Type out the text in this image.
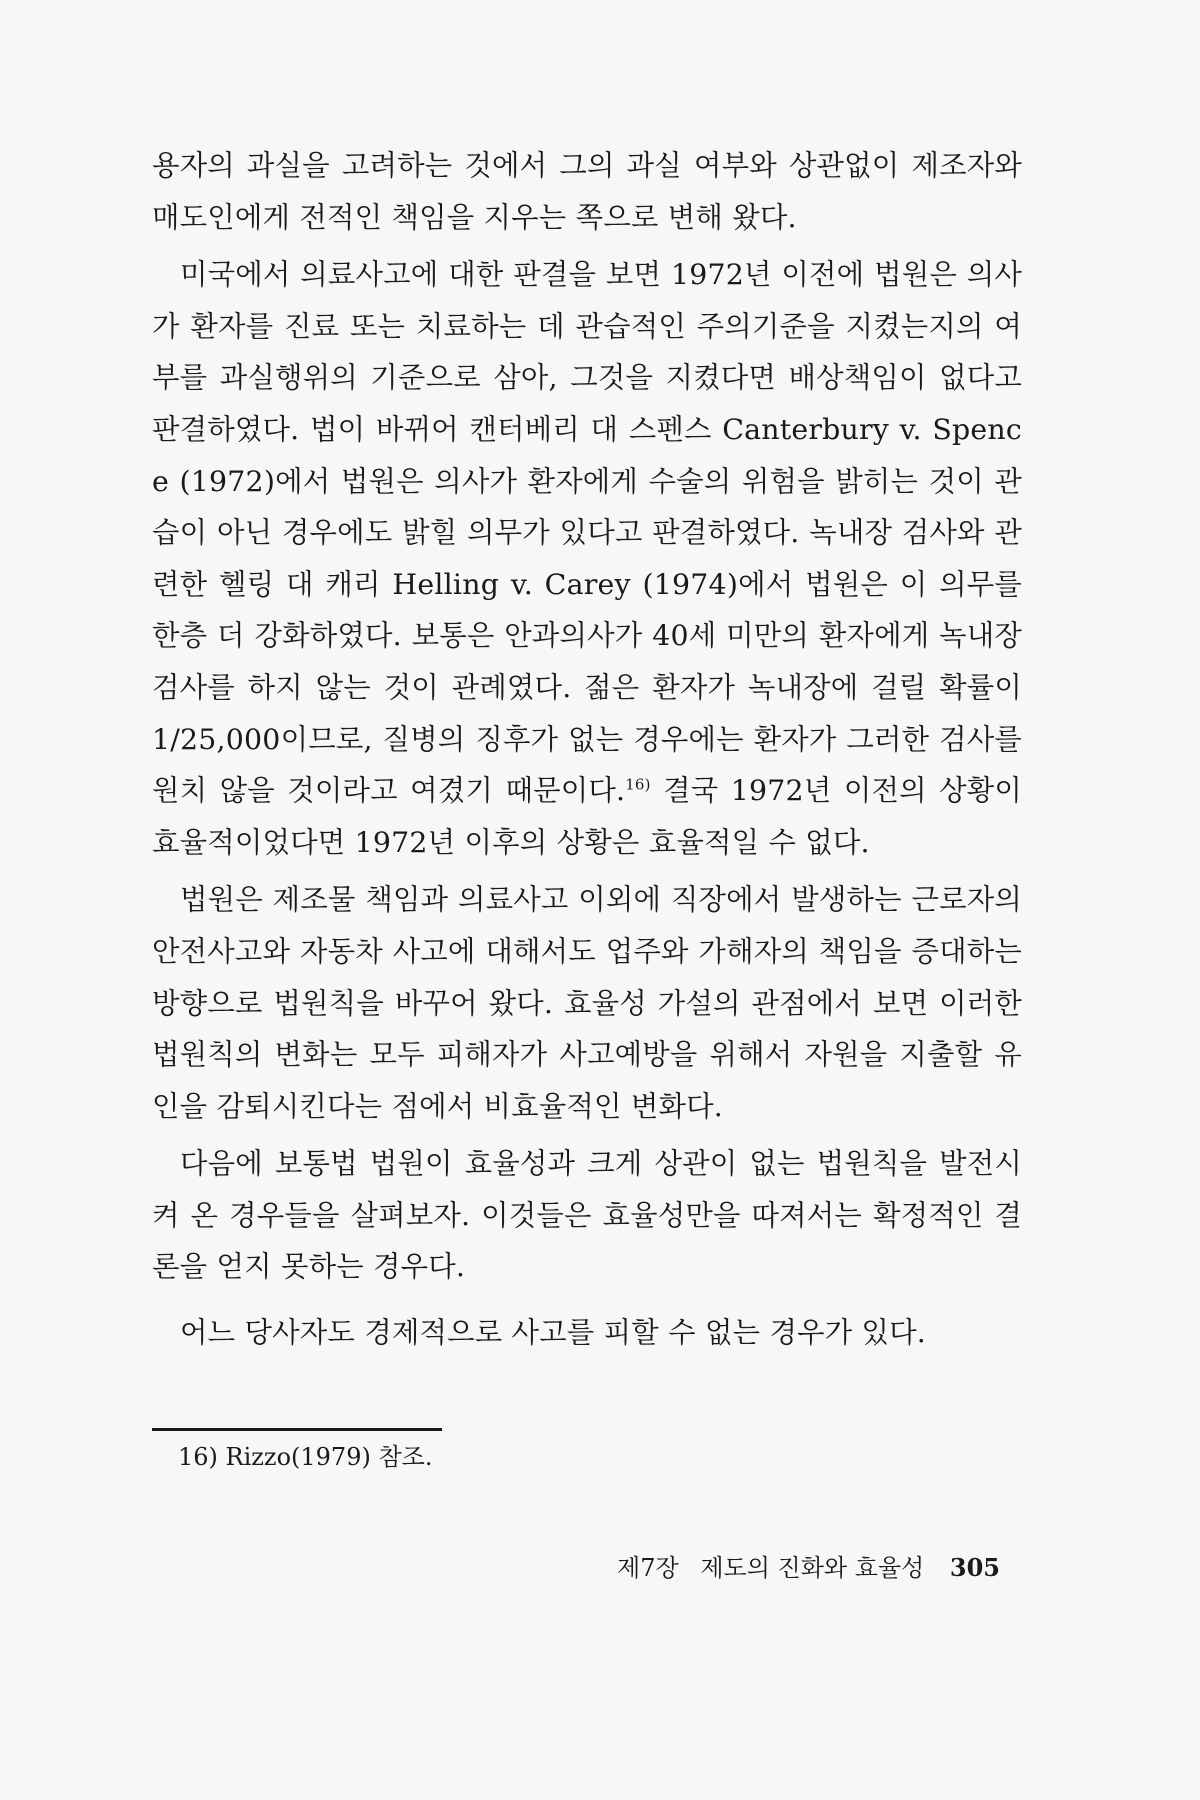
용자의 과실을 고려하는 것에서 그의 과실 여부와 상관없이 제조자와 매도인에게 전적인 책임을 지우는 쪽으로 변해 왔다.

미국에서 의료사고에 대한 판결을 보면 1972년 이전에 법원은 의사가 환자를 진료 또는 치료하는 데 관습적인 주의기준을 지켰는지의 여부를 과실행위의 기준으로 삼아, 그것을 지켰다면 배상책임이 없다고 판결하였다. 법이 바뀌어 캔터베리 대 스펜스 Canterbury v. Spence (1972)에서 법원은 의사가 환자에게 수술의 위험을 밝히는 것이 관습이 아닌 경우에도 밝힐 의무가 있다고 판결하였다. 녹내장 검사와 관련한 헬링 대 캐리 Helling v. Carey (1974)에서 법원은 이 의무를 한층 더 강화하였다. 보통은 안과의사가 40세 미만의 환자에게 녹내장 검사를 하지 않는 것이 관례였다. 젊은 환자가 녹내장에 걸릴 확률이 1/25,000이므로, 질병의 징후가 없는 경우에는 환자가 그러한 검사를 원치 않을 것이라고 여겼기 때문이다.$^{16)}$ 결국 1972년 이전의 상황이 효율적이었다면 1972년 이후의 상황은 효율적일 수 없다.

법원은 제조물 책임과 의료사고 이외에 직장에서 발생하는 근로자의 안전사고와 자동차 사고에 대해서도 업주와 가해자의 책임을 증대하는 방향으로 법원칙을 바꾸어 왔다. 효율성 가설의 관점에서 보면 이러한 법원칙의 변화는 모두 피해자가 사고예방을 위해서 자원을 지출할 유인을 감퇴시킨다는 점에서 비효율적인 변화다.

다음에 보통법 법원이 효율성과 크게 상관이 없는 법원칙을 발전시켜 온 경우들을 살펴보자. 이것들은 효율성만을 따져서는 확정적인 결론을 얻지 못하는 경우다.

어느 당사자도 경제적으로 사고를 피할 수 없는 경우가 있다.

16) Rizzo(1979) 참조.
제7장 제도의 진화와 효율성 305
